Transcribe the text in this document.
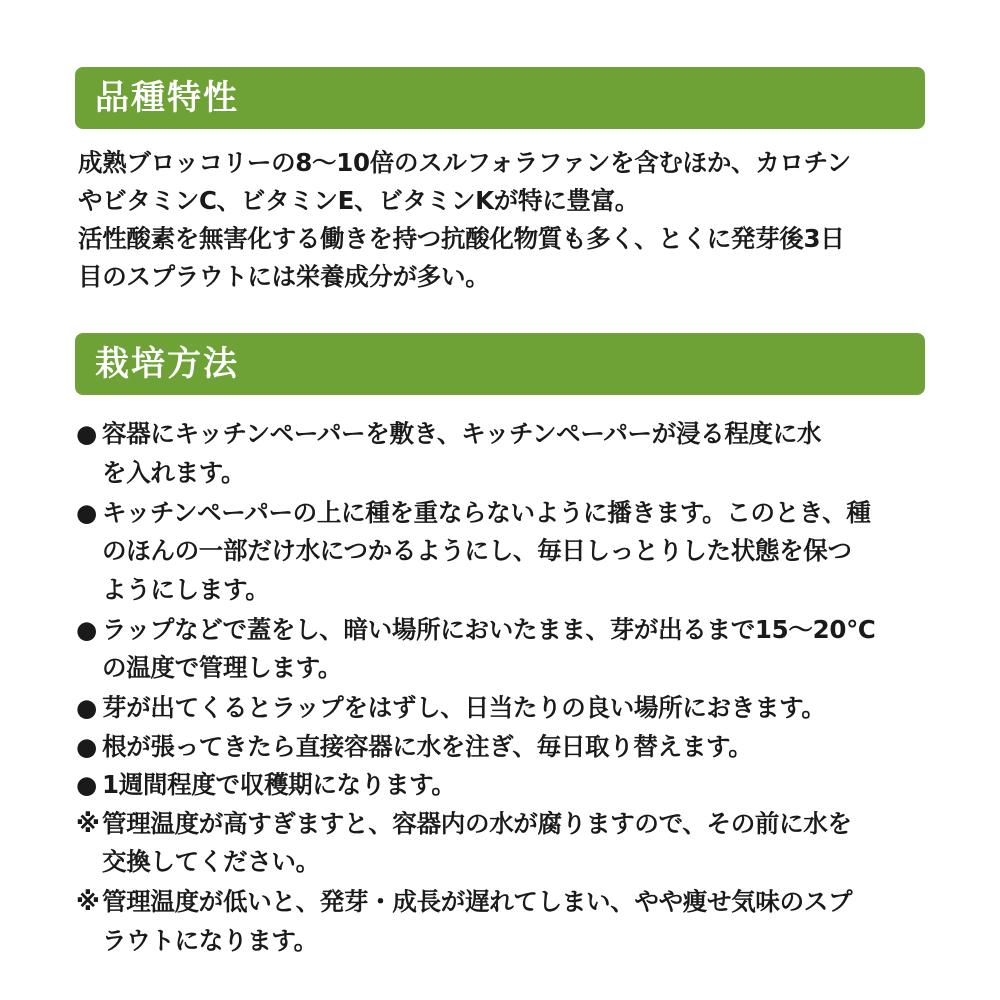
品種特性
成熟ブロッコリーの8〜10倍のスルフォラファンを含むほか、カロチン
やビタミンC、ビタミンE、ビタミンKが特に豊富。
活性酸素を無害化する働きを持つ抗酸化物質も多く、とくに発芽後3日
目のスプラウトには栄養成分が多い。
栽培方法
● 容器にキッチンペーパーを敷き、キッチンペーパーが浸る程度に水
を入れます。
● キッチンペーパーの上に種を重ならないように播きます。このとき、種
のほんの一部だけ水につかるようにし、毎日しっとりした状態を保つ
ようにします。
● ラップなどで蓋をし、暗い場所においたまま、芽が出るまで15〜20℃
の温度で管理します。
● 芽が出てくるとラップをはずし、日当たりの良い場所におきます。
● 根が張ってきたら直接容器に水を注ぎ、毎日取り替えます。
● 1週間程度で収穫期になります。
※ 管理温度が高すぎますと、容器内の水が腐りますので、その前に水を
交換してください。
※ 管理温度が低いと、発芽・成長が遅れてしまい、やや痩せ気味のスプ
ラウトになります。
